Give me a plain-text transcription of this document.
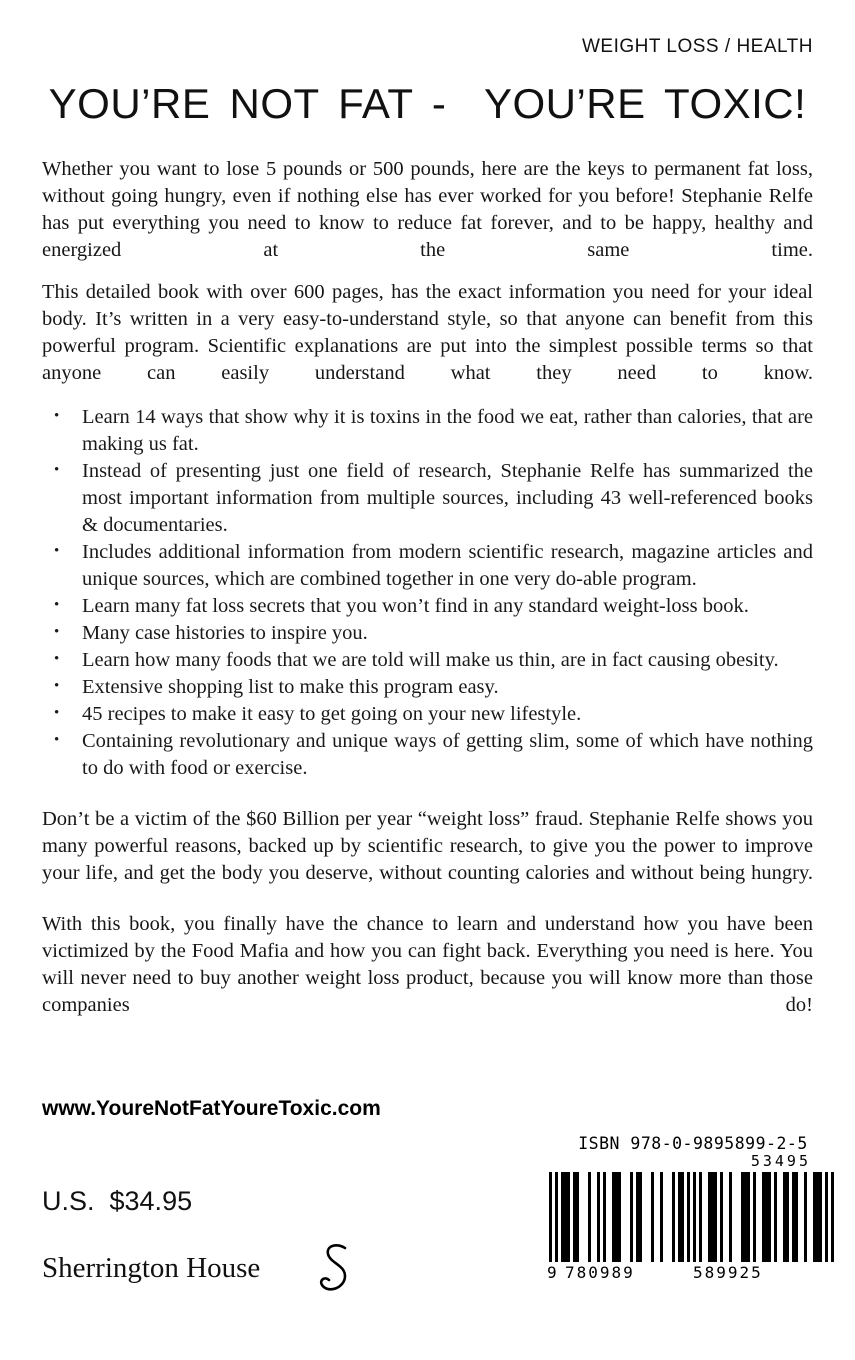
WEIGHT LOSS / HEALTH
YOU’RE NOT FAT -  YOU’RE TOXIC!

Whether you want to lose 5 pounds or 500 pounds, here are the keys to permanent fat loss, without going hungry, even if nothing else has ever worked for you before! Stephanie Relfe has put everything you need to know to reduce fat forever, and to be happy, healthy and energized at the same time.

This detailed book with over 600 pages, has the exact information you need for your ideal body. It’s written in a very easy-to-understand style, so that anyone can benefit from this powerful program. Scientific explanations are put into the simplest possible terms so that anyone can easily understand what they need to know.

•	Learn 14 ways that show why it is toxins in the food we eat, rather than calories, that are making us fat.
•	Instead of presenting just one field of research, Stephanie Relfe has summarized the most important information from multiple sources, including 43 well-referenced books & documentaries.
•	Includes additional information from modern scientific research, magazine articles and unique sources, which are combined together in one very do-able program.
•	Learn many fat loss secrets that you won’t find in any standard weight-loss book.
•	Many case histories to inspire you.
•	Learn how many foods that we are told will make us thin, are in fact causing obesity.
•	Extensive shopping list to make this program easy.
•	45 recipes to make it easy to get going on your new lifestyle.
•	Containing revolutionary and unique ways of getting slim, some of which have nothing to do with food or exercise.

Don’t be a victim of the $60 Billion per year “weight loss” fraud. Stephanie Relfe shows you many powerful reasons, backed up by scientific research, to give you the power to improve your life, and get the body you deserve, without counting calories and without being hungry.

With this book, you finally have the chance to learn and understand how you have been victimized by the Food Mafia and how you can fight back. Everything you need is here. You will never need to buy another weight loss product, because you will know more than those companies do!

www.YoureNotFatYoureToxic.com
U.S.  $34.95
Sherrington House
ISBN 978-0-9895899-2-5
53495
9 780989	589925
